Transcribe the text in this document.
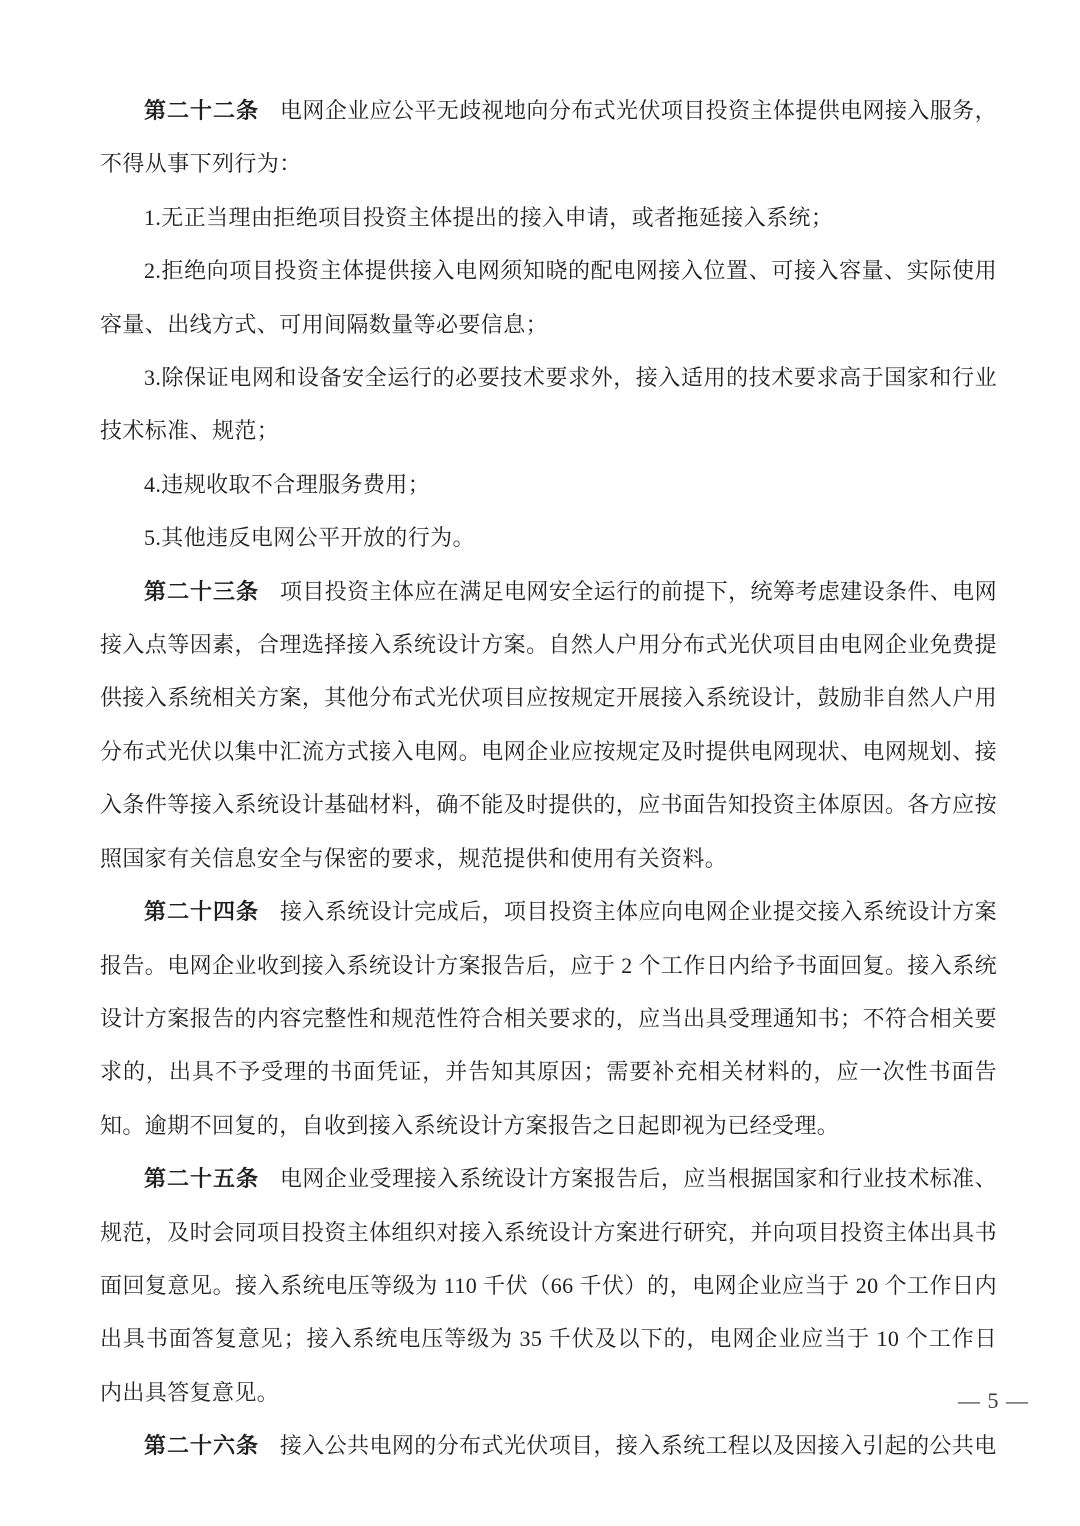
第二十二条 电网企业应公平无歧视地向分布式光伏项目投资主体提供电网接入服务，不得从事下列行为：

1.无正当理由拒绝项目投资主体提出的接入申请，或者拖延接入系统；

2.拒绝向项目投资主体提供接入电网须知晓的配电网接入位置、可接入容量、实际使用容量、出线方式、可用间隔数量等必要信息；

3.除保证电网和设备安全运行的必要技术要求外，接入适用的技术要求高于国家和行业技术标准、规范；

4.违规收取不合理服务费用；

5.其他违反电网公平开放的行为。

第二十三条 项目投资主体应在满足电网安全运行的前提下，统筹考虑建设条件、电网接入点等因素，合理选择接入系统设计方案。自然人户用分布式光伏项目由电网企业免费提供接入系统相关方案，其他分布式光伏项目应按规定开展接入系统设计，鼓励非自然人户用分布式光伏以集中汇流方式接入电网。电网企业应按规定及时提供电网现状、电网规划、接入条件等接入系统设计基础材料，确不能及时提供的，应书面告知投资主体原因。各方应按照国家有关信息安全与保密的要求，规范提供和使用有关资料。

第二十四条 接入系统设计完成后，项目投资主体应向电网企业提交接入系统设计方案报告。电网企业收到接入系统设计方案报告后，应于 2 个工作日内给予书面回复。接入系统设计方案报告的内容完整性和规范性符合相关要求的，应当出具受理通知书；不符合相关要求的，出具不予受理的书面凭证，并告知其原因；需要补充相关材料的，应一次性书面告知。逾期不回复的，自收到接入系统设计方案报告之日起即视为已经受理。

第二十五条 电网企业受理接入系统设计方案报告后，应当根据国家和行业技术标准、规范，及时会同项目投资主体组织对接入系统设计方案进行研究，并向项目投资主体出具书面回复意见。接入系统电压等级为 110 千伏（66 千伏）的，电网企业应当于 20 个工作日内出具书面答复意见；接入系统电压等级为 35 千伏及以下的，电网企业应当于 10 个工作日内出具答复意见。

第二十六条 接入公共电网的分布式光伏项目，接入系统工程以及因接入引起的公共电

— 5 —
